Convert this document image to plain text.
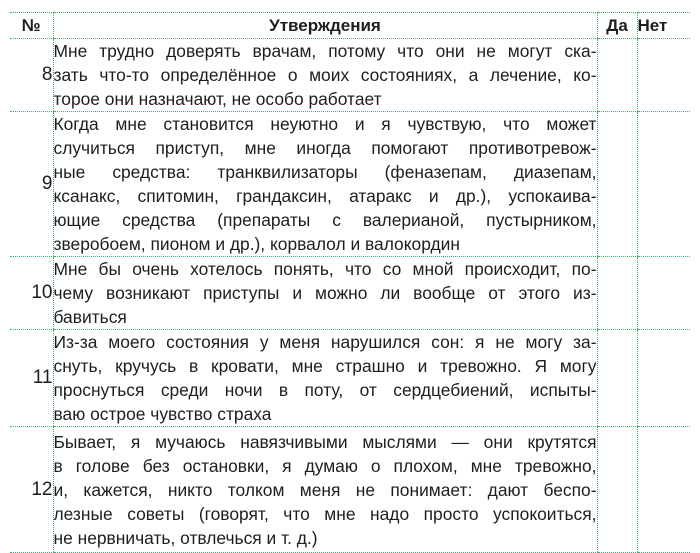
№	Утверждения	Да	Нет
8	Мне трудно доверять врачам, потому что они не могут ска-
зать что-то определённое о моих состояниях, а лечение, ко-
торое они назначают, не особо работает		

9	
Когда мне становится неуютно и я чувствую, что может
случиться приступ, мне иногда помогают противотревож-
ные средства: транквилизаторы (феназепам, диазепам,
ксанакс, спитомин, грандаксин, атаракс и др.), успокаива-
ющие средства (препараты с валерианой, пустырником,
зверобоем, пионом и др.), корвалол и валокордин

10	Мне бы очень хотелось понять, что со мной происходит, по-
чему возникают приступы и можно ли вообще от этого из-
бавиться		

11	Из-за моего состояния у меня нарушился сон: я не могу за-
снуть, кручусь в кровати, мне страшно и тревожно. Я могу
проснуться среди ночи в поту, от сердцебиений, испыты-
ваю острое чувство страха		

12	Бывает, я мучаюсь навязчивыми мыслями — они крутятся
в голове без остановки, я думаю о плохом, мне тревожно,
и, кажется, никто толком меня не понимает: дают беспо-
лезные советы (говорят, что мне надо просто успокоиться,
не нервничать, отвлечься и т. д.)		
